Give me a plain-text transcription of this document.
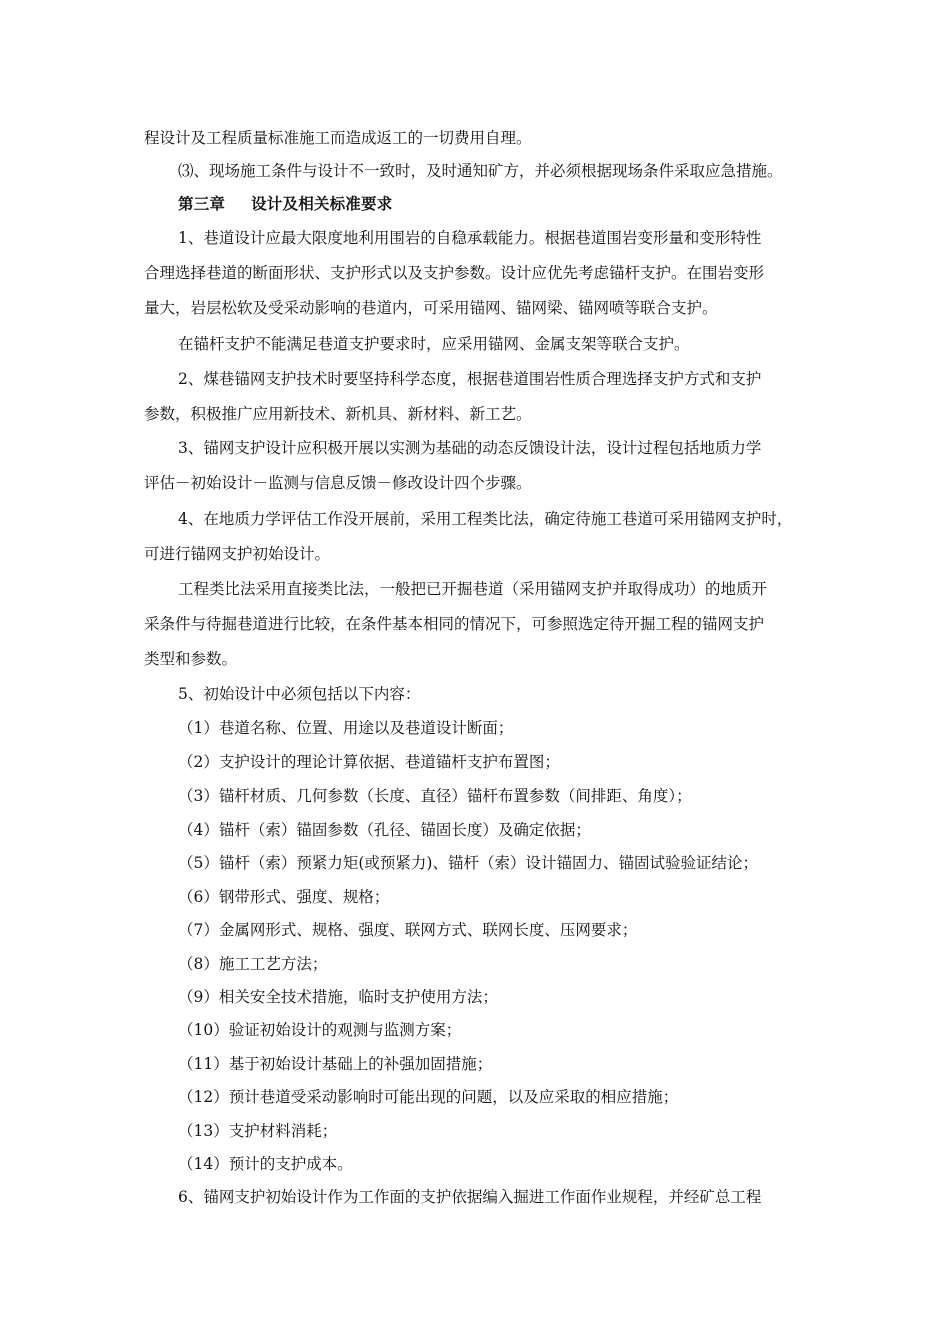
程设计及工程质量标准施工而造成返工的一切费用自理。
⑶、现场施工条件与设计不一致时，及时通知矿方，并必须根据现场条件采取应急措施。
第三章 设计及相关标准要求
1、巷道设计应最大限度地利用围岩的自稳承载能力。根据巷道围岩变形量和变形特性
合理选择巷道的断面形状、支护形式以及支护参数。设计应优先考虑锚杆支护。在围岩变形
量大，岩层松软及受采动影响的巷道内，可采用锚网、锚网梁、锚网喷等联合支护。
在锚杆支护不能满足巷道支护要求时，应采用锚网、金属支架等联合支护。
2、煤巷锚网支护技术时要坚持科学态度，根据巷道围岩性质合理选择支护方式和支护
参数，积极推广应用新技术、新机具、新材料、新工艺。
3、锚网支护设计应积极开展以实测为基础的动态反馈设计法，设计过程包括地质力学
评估－初始设计－监测与信息反馈－修改设计四个步骤。
4、在地质力学评估工作没开展前，采用工程类比法，确定待施工巷道可采用锚网支护时，
可进行锚网支护初始设计。
工程类比法采用直接类比法，一般把已开掘巷道（采用锚网支护并取得成功）的地质开
采条件与待掘巷道进行比较，在条件基本相同的情况下，可参照选定待开掘工程的锚网支护
类型和参数。
5、初始设计中必须包括以下内容：
（1）巷道名称、位置、用途以及巷道设计断面；
（2）支护设计的理论计算依据、巷道锚杆支护布置图；
（3）锚杆材质、几何参数（长度、直径）锚杆布置参数（间排距、角度）；
（4）锚杆（索）锚固参数（孔径、锚固长度）及确定依据；
（5）锚杆（索）预紧力矩(或预紧力)、锚杆（索）设计锚固力、锚固试验验证结论；
（6）钢带形式、强度、规格；
（7）金属网形式、规格、强度、联网方式、联网长度、压网要求；
（8）施工工艺方法；
（9）相关安全技术措施，临时支护使用方法；
（10）验证初始设计的观测与监测方案；
（11）基于初始设计基础上的补强加固措施；
（12）预计巷道受采动影响时可能出现的问题，以及应采取的相应措施；
（13）支护材料消耗；
（14）预计的支护成本。
6、锚网支护初始设计作为工作面的支护依据编入掘进工作面作业规程，并经矿总工程
